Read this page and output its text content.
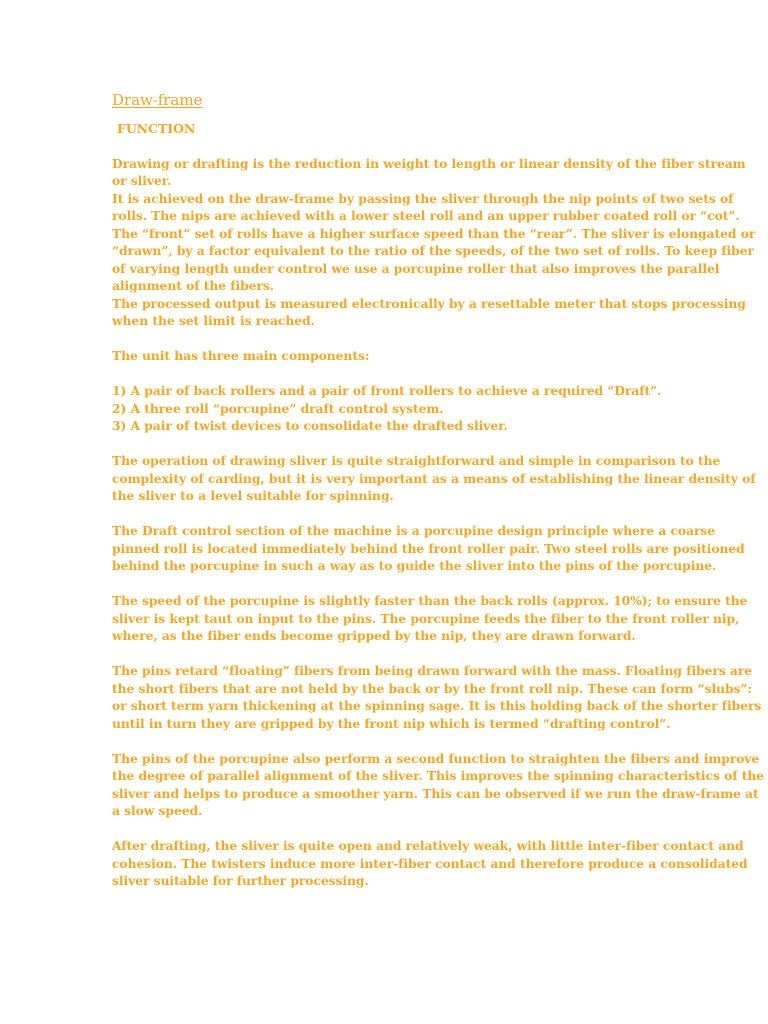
Draw-frame
FUNCTION

Drawing or drafting is the reduction in weight to length or linear density of the fiber stream or sliver.
It is achieved on the draw-frame by passing the sliver through the nip points of two sets of rolls. The nips are achieved with a lower steel roll and an upper rubber coated roll or “cot”. The “front” set of rolls have a higher surface speed than the “rear”. The sliver is elongated or “drawn”, by a factor equivalent to the ratio of the speeds, of the two set of rolls. To keep fiber of varying length under control we use a porcupine roller that also improves the parallel alignment of the fibers.
The processed output is measured electronically by a resettable meter that stops processing when the set limit is reached.

The unit has three main components:

1) A pair of back rollers and a pair of front rollers to achieve a required “Draft”.

2) A three roll “porcupine” draft control system.

3) A pair of twist devices to consolidate the drafted sliver.

The operation of drawing sliver is quite straightforward and simple in comparison to the complexity of carding, but it is very important as a means of establishing the linear density of the sliver to a level suitable for spinning.

The Draft control section of the machine is a porcupine design principle where a coarse pinned roll is located immediately behind the front roller pair. Two steel rolls are positioned behind the porcupine in such a way as to guide the sliver into the pins of the porcupine.

The speed of the porcupine is slightly faster than the back rolls (approx. 10%); to ensure the sliver is kept taut on input to the pins. The porcupine feeds the fiber to the front roller nip, where, as the fiber ends become gripped by the nip, they are drawn forward.

The pins retard “floating” fibers from being drawn forward with the mass. Floating fibers are the short fibers that are not held by the back or by the front roll nip. These can form “slubs”: or short term yarn thickening at the spinning sage. It is this holding back of the shorter fibers until in turn they are gripped by the front nip which is termed “drafting control”.

The pins of the porcupine also perform a second function to straighten the fibers and improve the degree of parallel alignment of the sliver. This improves the spinning characteristics of the sliver and helps to produce a smoother yarn. This can be observed if we run the draw-frame at a slow speed.

After drafting, the sliver is quite open and relatively weak, with little inter-fiber contact and cohesion. The twisters induce more inter-fiber contact and therefore produce a consolidated sliver suitable for further processing.
